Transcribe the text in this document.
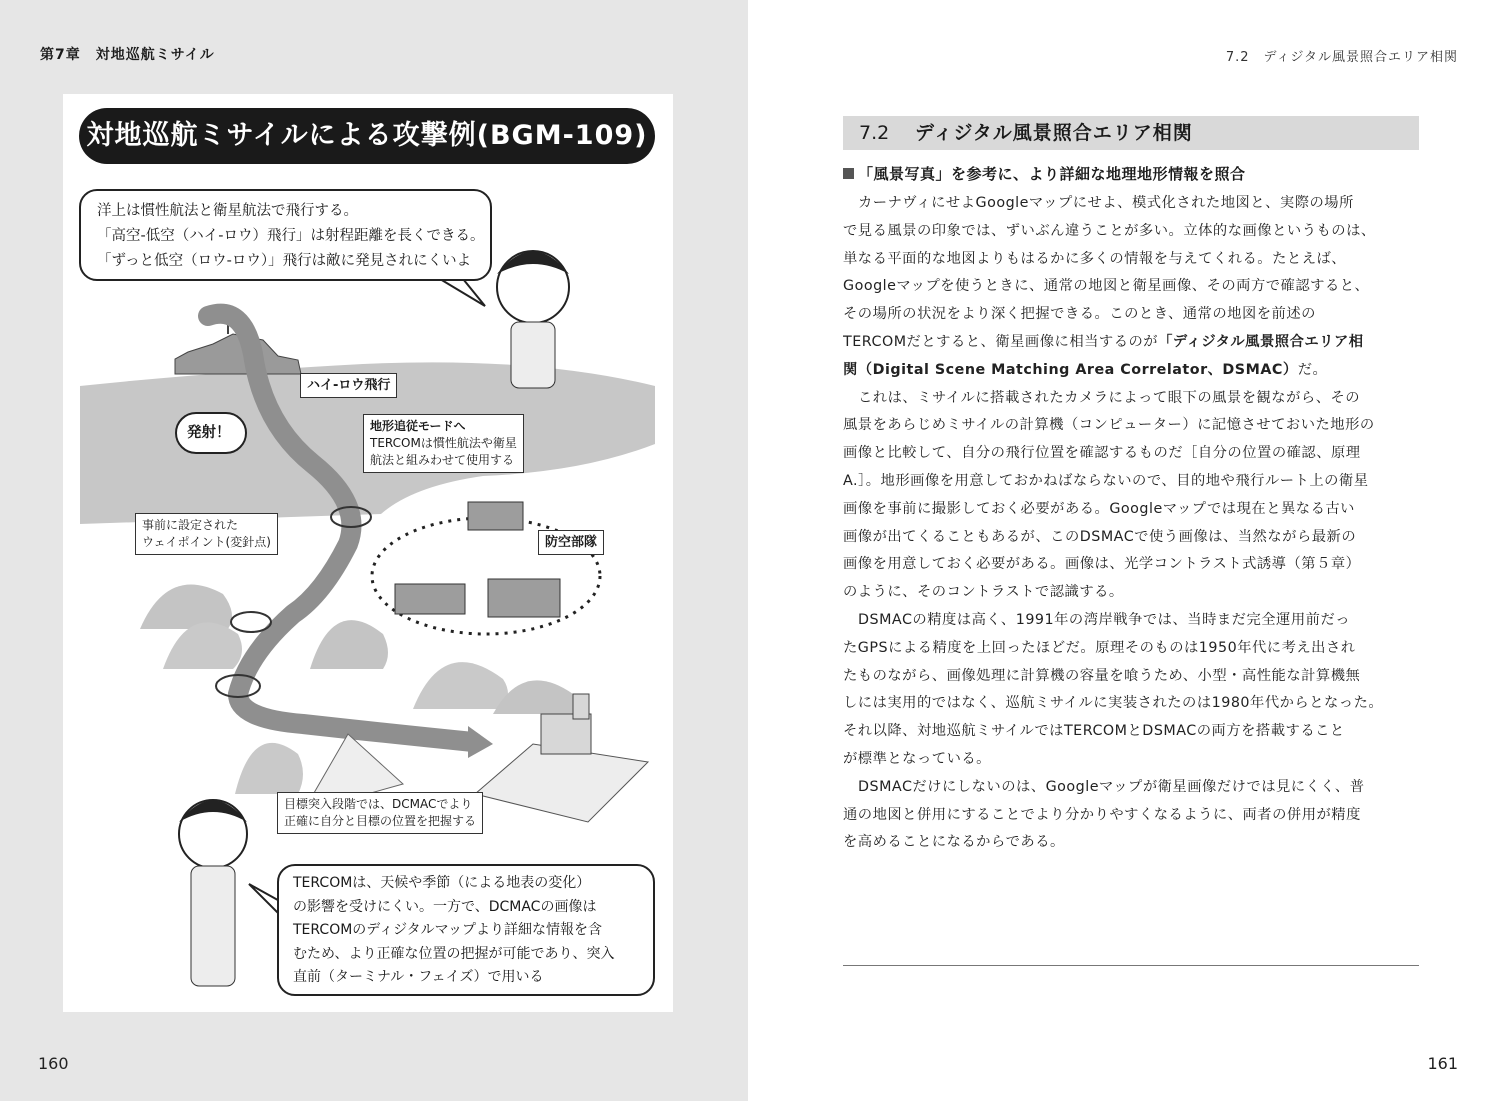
第7章　対地巡航ミサイル
対地巡航ミサイルによる攻撃例(BGM-109)
洋上は慣性航法と衛星航法で飛行する。
「高空-低空（ハイ-ロウ）飛行」は射程距離を長くできる。
「ずっと低空（ロウ-ロウ）」飛行は敵に発見されにくいよ
ハイ-ロウ飛行
発射！	地形追従モードへ
TERCOMは慣性航法や衛星
航法と組みわせて使用する
事前に設定された
ウェイポイント(変針点)	防空部隊
目標突入段階では、DCMACでより
正確に自分と目標の位置を把握する
TERCOMは、天候や季節（による地表の変化）
の影響を受けにくい。一方で、DCMACの画像は
TERCOMのディジタルマップより詳細な情報を含
むため、より正確な位置の把握が可能であり、突入
直前（ターミナル・フェイズ）で用いる
160
7.2　ディジタル風景照合エリア相関
7.2 ディジタル風景照合エリア相関
「風景写真」を参考に、より詳細な地理地形情報を照合
カーナヴィにせよGoogleマップにせよ、模式化された地図と、実際の場所
で見る風景の印象では、ずいぶん違うことが多い。立体的な画像というものは、
単なる平面的な地図よりもはるかに多くの情報を与えてくれる。たとえば、
Googleマップを使うときに、通常の地図と衛星画像、その両方で確認すると、
その場所の状況をより深く把握できる。このとき、通常の地図を前述の
TERCOMだとすると、衛星画像に相当するのが「ディジタル風景照合エリア相
関（Digital Scene Matching Area Correlator、DSMAC）だ。
これは、ミサイルに搭載されたカメラによって眼下の風景を観ながら、その
風景をあらじめミサイルの計算機（コンピューター）に記憶させておいた地形の
画像と比較して、自分の飛行位置を確認するものだ［自分の位置の確認、原理
A.］。地形画像を用意しておかねばならないので、目的地や飛行ルート上の衛星
画像を事前に撮影しておく必要がある。Googleマップでは現在と異なる古い
画像が出てくることもあるが、このDSMACで使う画像は、当然ながら最新の
画像を用意しておく必要がある。画像は、光学コントラスト式誘導（第５章）
のように、そのコントラストで認識する。
DSMACの精度は高く、1991年の湾岸戦争では、当時まだ完全運用前だっ
たGPSによる精度を上回ったほどだ。原理そのものは1950年代に考え出され
たものながら、画像処理に計算機の容量を喰うため、小型・高性能な計算機無
しには実用的ではなく、巡航ミサイルに実装されたのは1980年代からとなった。
それ以降、対地巡航ミサイルではTERCOMとDSMACの両方を搭載すること
が標準となっている。
DSMACだけにしないのは、Googleマップが衛星画像だけでは見にくく、普
通の地図と併用にすることでより分かりやすくなるように、両者の併用が精度
を高めることになるからである。
161
